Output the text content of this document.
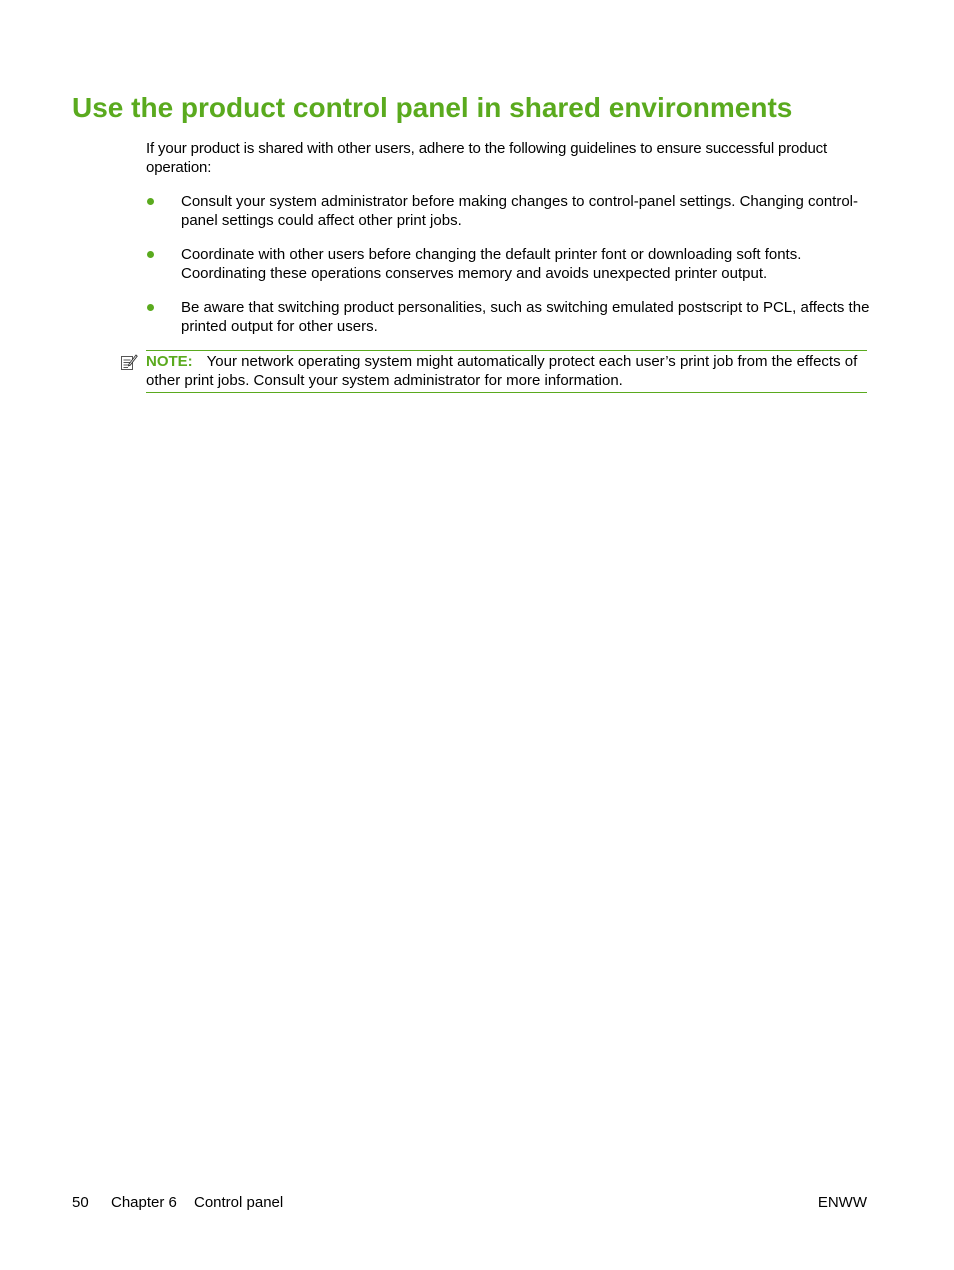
Use the product control panel in shared environments

If your product is shared with other users, adhere to the following guidelines to ensure successful product operation:

Consult your system administrator before making changes to control-panel settings. Changing control-panel settings could affect other print jobs.
Coordinate with other users before changing the default printer font or downloading soft fonts. Coordinating these operations conserves memory and avoids unexpected printer output.
Be aware that switching product personalities, such as switching emulated postscript to PCL, affects the printed output for other users.
NOTE: Your network operating system might automatically protect each user’s print job from the effects of other print jobs. Consult your system administrator for more information.
50 Chapter 6 Control panel	ENWW
